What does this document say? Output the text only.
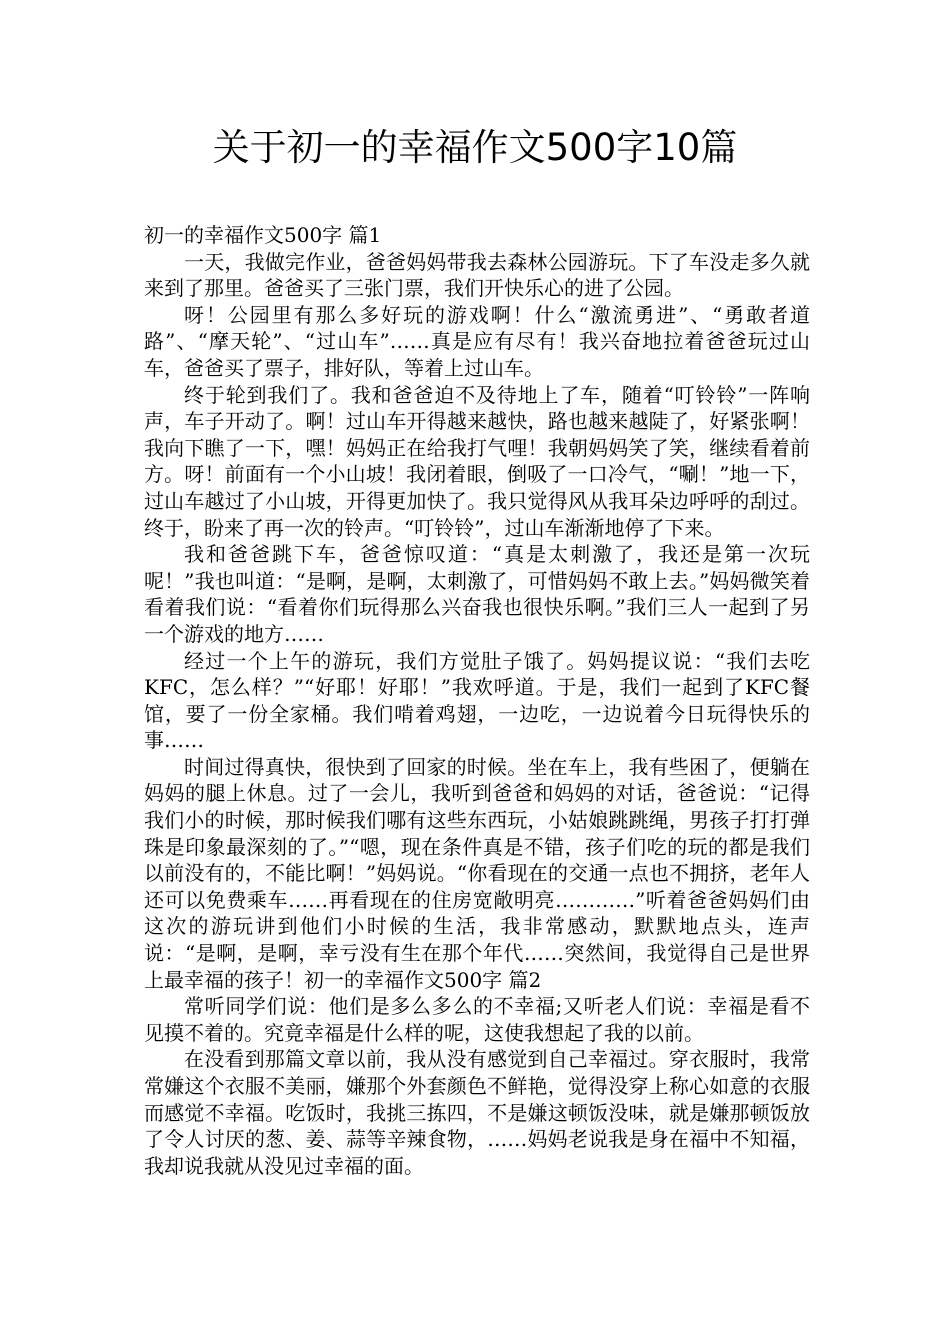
关于初一的幸福作文500字10篇

初一的幸福作文500字 篇1

一天，我做完作业，爸爸妈妈带我去森林公园游玩。下了车没走多久就来到了那里。爸爸买了三张门票，我们开快乐心的进了公园。

呀！公园里有那么多好玩的游戏啊！什么“激流勇进”、“勇敢者道路”、“摩天轮”、“过山车”……真是应有尽有！我兴奋地拉着爸爸玩过山车，爸爸买了票子，排好队，等着上过山车。

终于轮到我们了。我和爸爸迫不及待地上了车，随着“叮铃铃”一阵响声，车子开动了。啊！过山车开得越来越快，路也越来越陡了，好紧张啊！我向下瞧了一下，嘿！妈妈正在给我打气哩！我朝妈妈笑了笑，继续看着前方。呀！前面有一个小山坡！我闭着眼，倒吸了一口冷气，“唰！”地一下，过山车越过了小山坡，开得更加快了。我只觉得风从我耳朵边呼呼的刮过。终于，盼来了再一次的铃声。“叮铃铃”，过山车渐渐地停了下来。

我和爸爸跳下车，爸爸惊叹道：“真是太刺激了，我还是第一次玩呢！”我也叫道：“是啊，是啊，太刺激了，可惜妈妈不敢上去。”妈妈微笑着看着我们说：“看着你们玩得那么兴奋我也很快乐啊。”我们三人一起到了另一个游戏的地方……

经过一个上午的游玩，我们方觉肚子饿了。妈妈提议说：“我们去吃KFC，怎么样？”“好耶！好耶！”我欢呼道。于是，我们一起到了KFC餐馆，要了一份全家桶。我们啃着鸡翅，一边吃，一边说着今日玩得快乐的事……

时间过得真快，很快到了回家的时候。坐在车上，我有些困了，便躺在妈妈的腿上休息。过了一会儿，我听到爸爸和妈妈的对话，爸爸说：“记得我们小的时候，那时候我们哪有这些东西玩，小姑娘跳跳绳，男孩子打打弹珠是印象最深刻的了。”“嗯，现在条件真是不错，孩子们吃的玩的都是我们以前没有的，不能比啊！”妈妈说。“你看现在的交通一点也不拥挤，老年人还可以免费乘车……再看现在的住房宽敞明亮…………”听着爸爸妈妈们由这次的游玩讲到他们小时候的生活，我非常感动，默默地点头，连声说：“是啊，是啊，幸亏没有生在那个年代……突然间，我觉得自己是世界上最幸福的孩子！初一的幸福作文500字 篇2

常听同学们说：他们是多么多么的不幸福;又听老人们说：幸福是看不见摸不着的。究竟幸福是什么样的呢，这使我想起了我的以前。

在没看到那篇文章以前，我从没有感觉到自己幸福过。穿衣服时，我常常嫌这个衣服不美丽，嫌那个外套颜色不鲜艳，觉得没穿上称心如意的衣服而感觉不幸福。吃饭时，我挑三拣四，不是嫌这顿饭没味，就是嫌那顿饭放了令人讨厌的葱、姜、蒜等辛辣食物，……妈妈老说我是身在福中不知福，我却说我就从没见过幸福的面。
